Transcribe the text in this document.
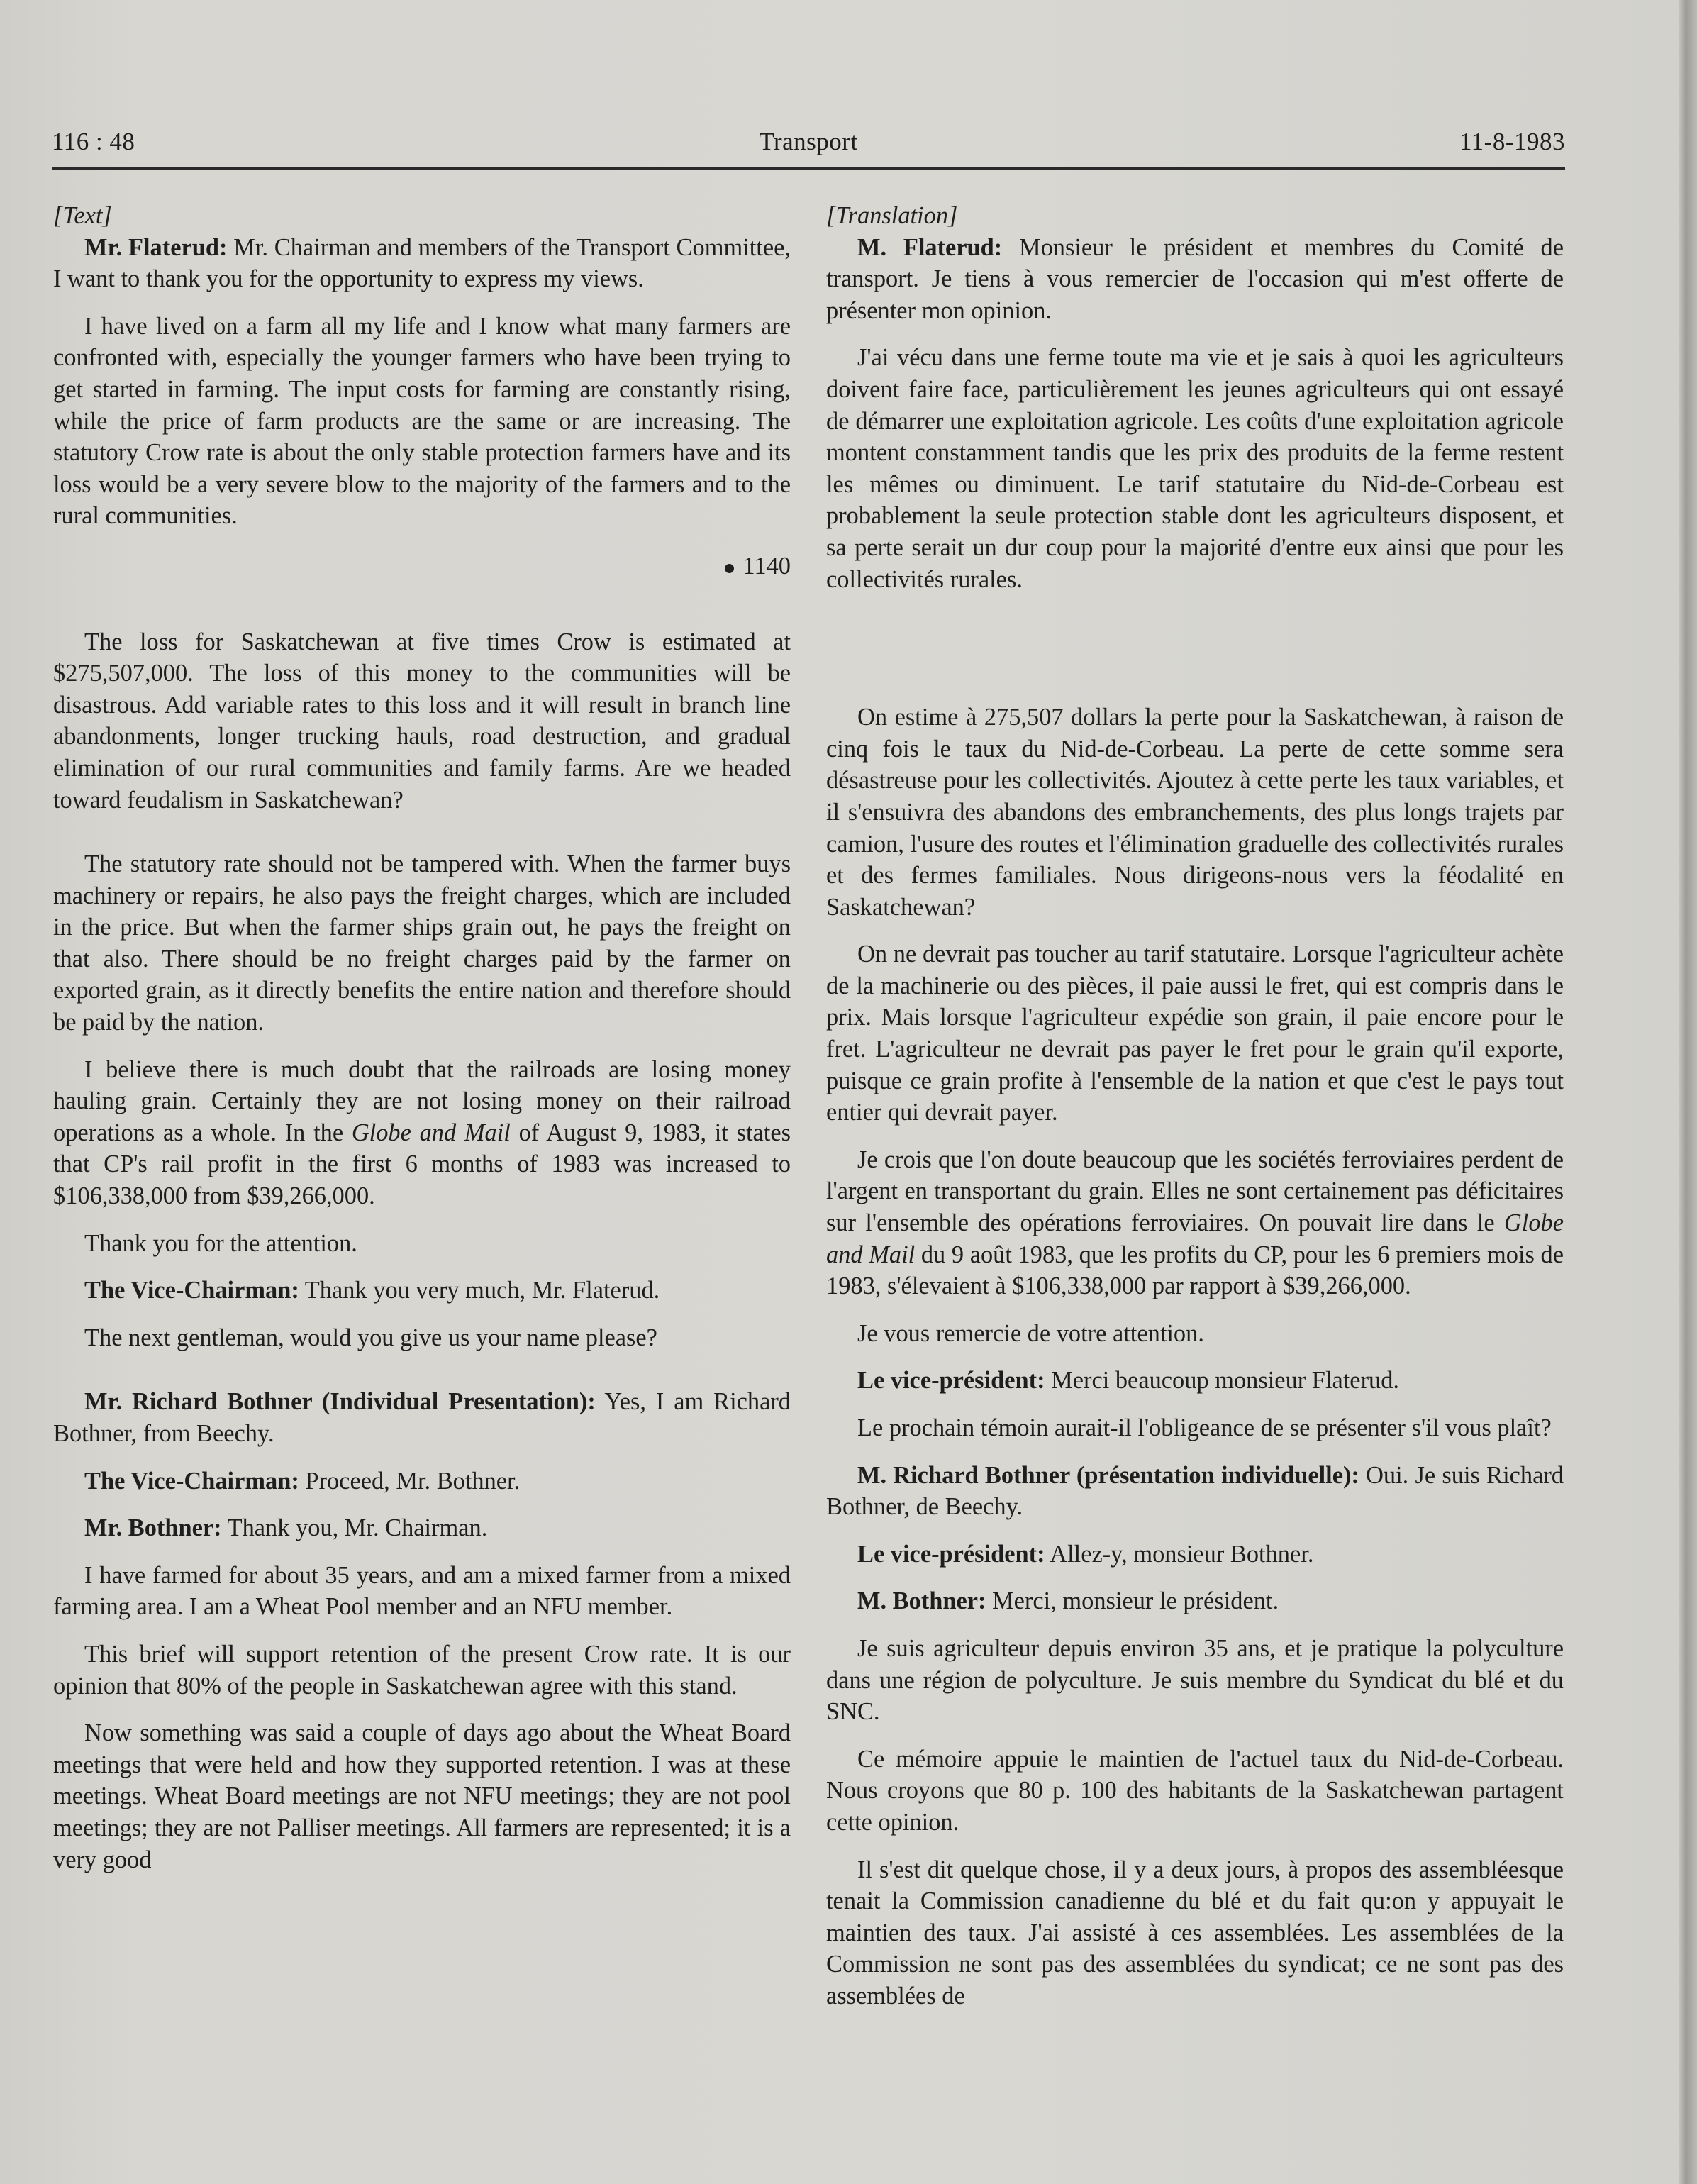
116 : 48	Transport	11-8-1983

[Text]

Mr. Flaterud: Mr. Chairman and members of the Transport Committee, I want to thank you for the opportunity to express my views.

I have lived on a farm all my life and I know what many farmers are confronted with, especially the younger farmers who have been trying to get started in farming. The input costs for farming are constantly rising, while the price of farm products are the same or are increasing. The statutory Crow rate is about the only stable protection farmers have and its loss would be a very severe blow to the majority of the farmers and to the rural communities.

1140

The loss for Saskatchewan at five times Crow is estimated at $275,507,000. The loss of this money to the communities will be disastrous. Add variable rates to this loss and it will result in branch line abandonments, longer trucking hauls, road destruction, and gradual elimination of our rural communities and family farms. Are we headed toward feudalism in Saskatchewan?

The statutory rate should not be tampered with. When the farmer buys machinery or repairs, he also pays the freight charges, which are included in the price. But when the farmer ships grain out, he pays the freight on that also. There should be no freight charges paid by the farmer on exported grain, as it directly benefits the entire nation and therefore should be paid by the nation.

I believe there is much doubt that the railroads are losing money hauling grain. Certainly they are not losing money on their railroad operations as a whole. In the Globe and Mail of August 9, 1983, it states that CP's rail profit in the first 6 months of 1983 was increased to $106,338,000 from $39,266,000.

Thank you for the attention.

The Vice-Chairman: Thank you very much, Mr. Flaterud.

The next gentleman, would you give us your name please?

Mr. Richard Bothner (Individual Presentation): Yes, I am Richard Bothner, from Beechy.

The Vice-Chairman: Proceed, Mr. Bothner.

Mr. Bothner: Thank you, Mr. Chairman.

I have farmed for about 35 years, and am a mixed farmer from a mixed farming area. I am a Wheat Pool member and an NFU member.

This brief will support retention of the present Crow rate. It is our opinion that 80% of the people in Saskatchewan agree with this stand.

Now something was said a couple of days ago about the Wheat Board meetings that were held and how they supported retention. I was at these meetings. Wheat Board meetings are not NFU meetings; they are not pool meetings; they are not Palliser meetings. All farmers are represented; it is a very good

[Translation]

M. Flaterud: Monsieur le président et membres du Comité de transport. Je tiens à vous remercier de l'occasion qui m'est offerte de présenter mon opinion.

J'ai vécu dans une ferme toute ma vie et je sais à quoi les agriculteurs doivent faire face, particulièrement les jeunes agriculteurs qui ont essayé de démarrer une exploitation agricole. Les coûts d'une exploitation agricole montent constamment tandis que les prix des produits de la ferme restent les mêmes ou diminuent. Le tarif statutaire du Nid-de-Corbeau est probablement la seule protection stable dont les agriculteurs disposent, et sa perte serait un dur coup pour la majorité d'entre eux ainsi que pour les collectivités rurales.

On estime à 275,507 dollars la perte pour la Saskatchewan, à raison de cinq fois le taux du Nid-de-Corbeau. La perte de cette somme sera désastreuse pour les collectivités. Ajoutez à cette perte les taux variables, et il s'ensuivra des abandons des embranchements, des plus longs trajets par camion, l'usure des routes et l'élimination graduelle des collectivités rurales et des fermes familiales. Nous dirigeons-nous vers la féodalité en Saskatchewan?

On ne devrait pas toucher au tarif statutaire. Lorsque l'agriculteur achète de la machinerie ou des pièces, il paie aussi le fret, qui est compris dans le prix. Mais lorsque l'agriculteur expédie son grain, il paie encore pour le fret. L'agriculteur ne devrait pas payer le fret pour le grain qu'il exporte, puisque ce grain profite à l'ensemble de la nation et que c'est le pays tout entier qui devrait payer.

Je crois que l'on doute beaucoup que les sociétés ferroviaires perdent de l'argent en transportant du grain. Elles ne sont certainement pas déficitaires sur l'ensemble des opérations ferroviaires. On pouvait lire dans le Globe and Mail du 9 août 1983, que les profits du CP, pour les 6 premiers mois de 1983, s'élevaient à $106,338,000 par rapport à $39,266,000.

Je vous remercie de votre attention.

Le vice-président: Merci beaucoup monsieur Flaterud.

Le prochain témoin aurait-il l'obligeance de se présenter s'il vous plaît?

M. Richard Bothner (présentation individuelle): Oui. Je suis Richard Bothner, de Beechy.

Le vice-président: Allez-y, monsieur Bothner.

M. Bothner: Merci, monsieur le président.

Je suis agriculteur depuis environ 35 ans, et je pratique la polyculture dans une région de polyculture. Je suis membre du Syndicat du blé et du SNC.

Ce mémoire appuie le maintien de l'actuel taux du Nid-de-Corbeau. Nous croyons que 80 p. 100 des habitants de la Saskatchewan partagent cette opinion.

Il s'est dit quelque chose, il y a deux jours, à propos des assembléesque tenait la Commission canadienne du blé et du fait qu:on y appuyait le maintien des taux. J'ai assisté à ces assemblées. Les assemblées de la Commission ne sont pas des assemblées du syndicat; ce ne sont pas des assemblées de
